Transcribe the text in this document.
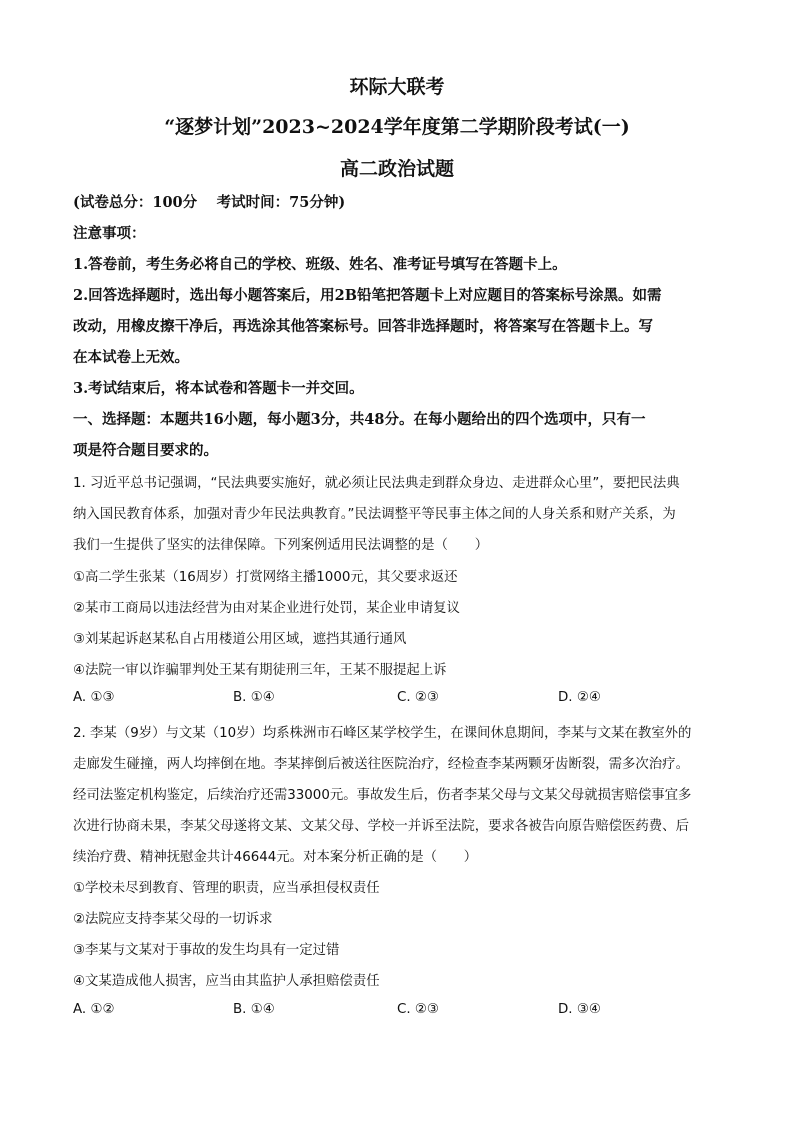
环际大联考
“逐梦计划”2023~2024学年度第二学期阶段考试(一)
高二政治试题
(试卷总分：100分　 考试时间：75分钟)
注意事项：
1.答卷前，考生务必将自己的学校、班级、姓名、准考证号填写在答题卡上。
2.回答选择题时，选出每小题答案后，用2B铅笔把答题卡上对应题目的答案标号涂黑。如需
改动，用橡皮擦干净后，再选涂其他答案标号。回答非选择题时，将答案写在答题卡上。写
在本试卷上无效。
3.考试结束后，将本试卷和答题卡一并交回。
一、选择题：本题共16小题，每小题3分，共48分。在每小题给出的四个选项中，只有一
项是符合题目要求的。
1. 习近平总书记强调，“民法典要实施好，就必须让民法典走到群众身边、走进群众心里”，要把民法典
纳入国民教育体系，加强对青少年民法典教育。”民法调整平等民事主体之间的人身关系和财产关系，为
我们一生提供了坚实的法律保障。下列案例适用民法调整的是（　　）
①高二学生张某（16周岁）打赏网络主播1000元，其父要求返还
②某市工商局以违法经营为由对某企业进行处罚，某企业申请复议
③刘某起诉赵某私自占用楼道公用区域，遮挡其通行通风
④法院一审以诈骗罪判处王某有期徒刑三年，王某不服提起上诉
A. ①③	B. ①④	C. ②③	D. ②④
2. 李某（9岁）与文某（10岁）均系株洲市石峰区某学校学生，在课间休息期间，李某与文某在教室外的
走廊发生碰撞，两人均摔倒在地。李某摔倒后被送往医院治疗，经检查李某两颗牙齿断裂，需多次治疗。
经司法鉴定机构鉴定，后续治疗还需33000元。事故发生后，伤者李某父母与文某父母就损害赔偿事宜多
次进行协商未果，李某父母遂将文某、文某父母、学校一并诉至法院，要求各被告向原告赔偿医药费、后
续治疗费、精神抚慰金共计46644元。对本案分析正确的是（　　）
①学校未尽到教育、管理的职责，应当承担侵权责任
②法院应支持李某父母的一切诉求
③李某与文某对于事故的发生均具有一定过错
④文某造成他人损害，应当由其监护人承担赔偿责任
A. ①②	B. ①④	C. ②③	D. ③④
